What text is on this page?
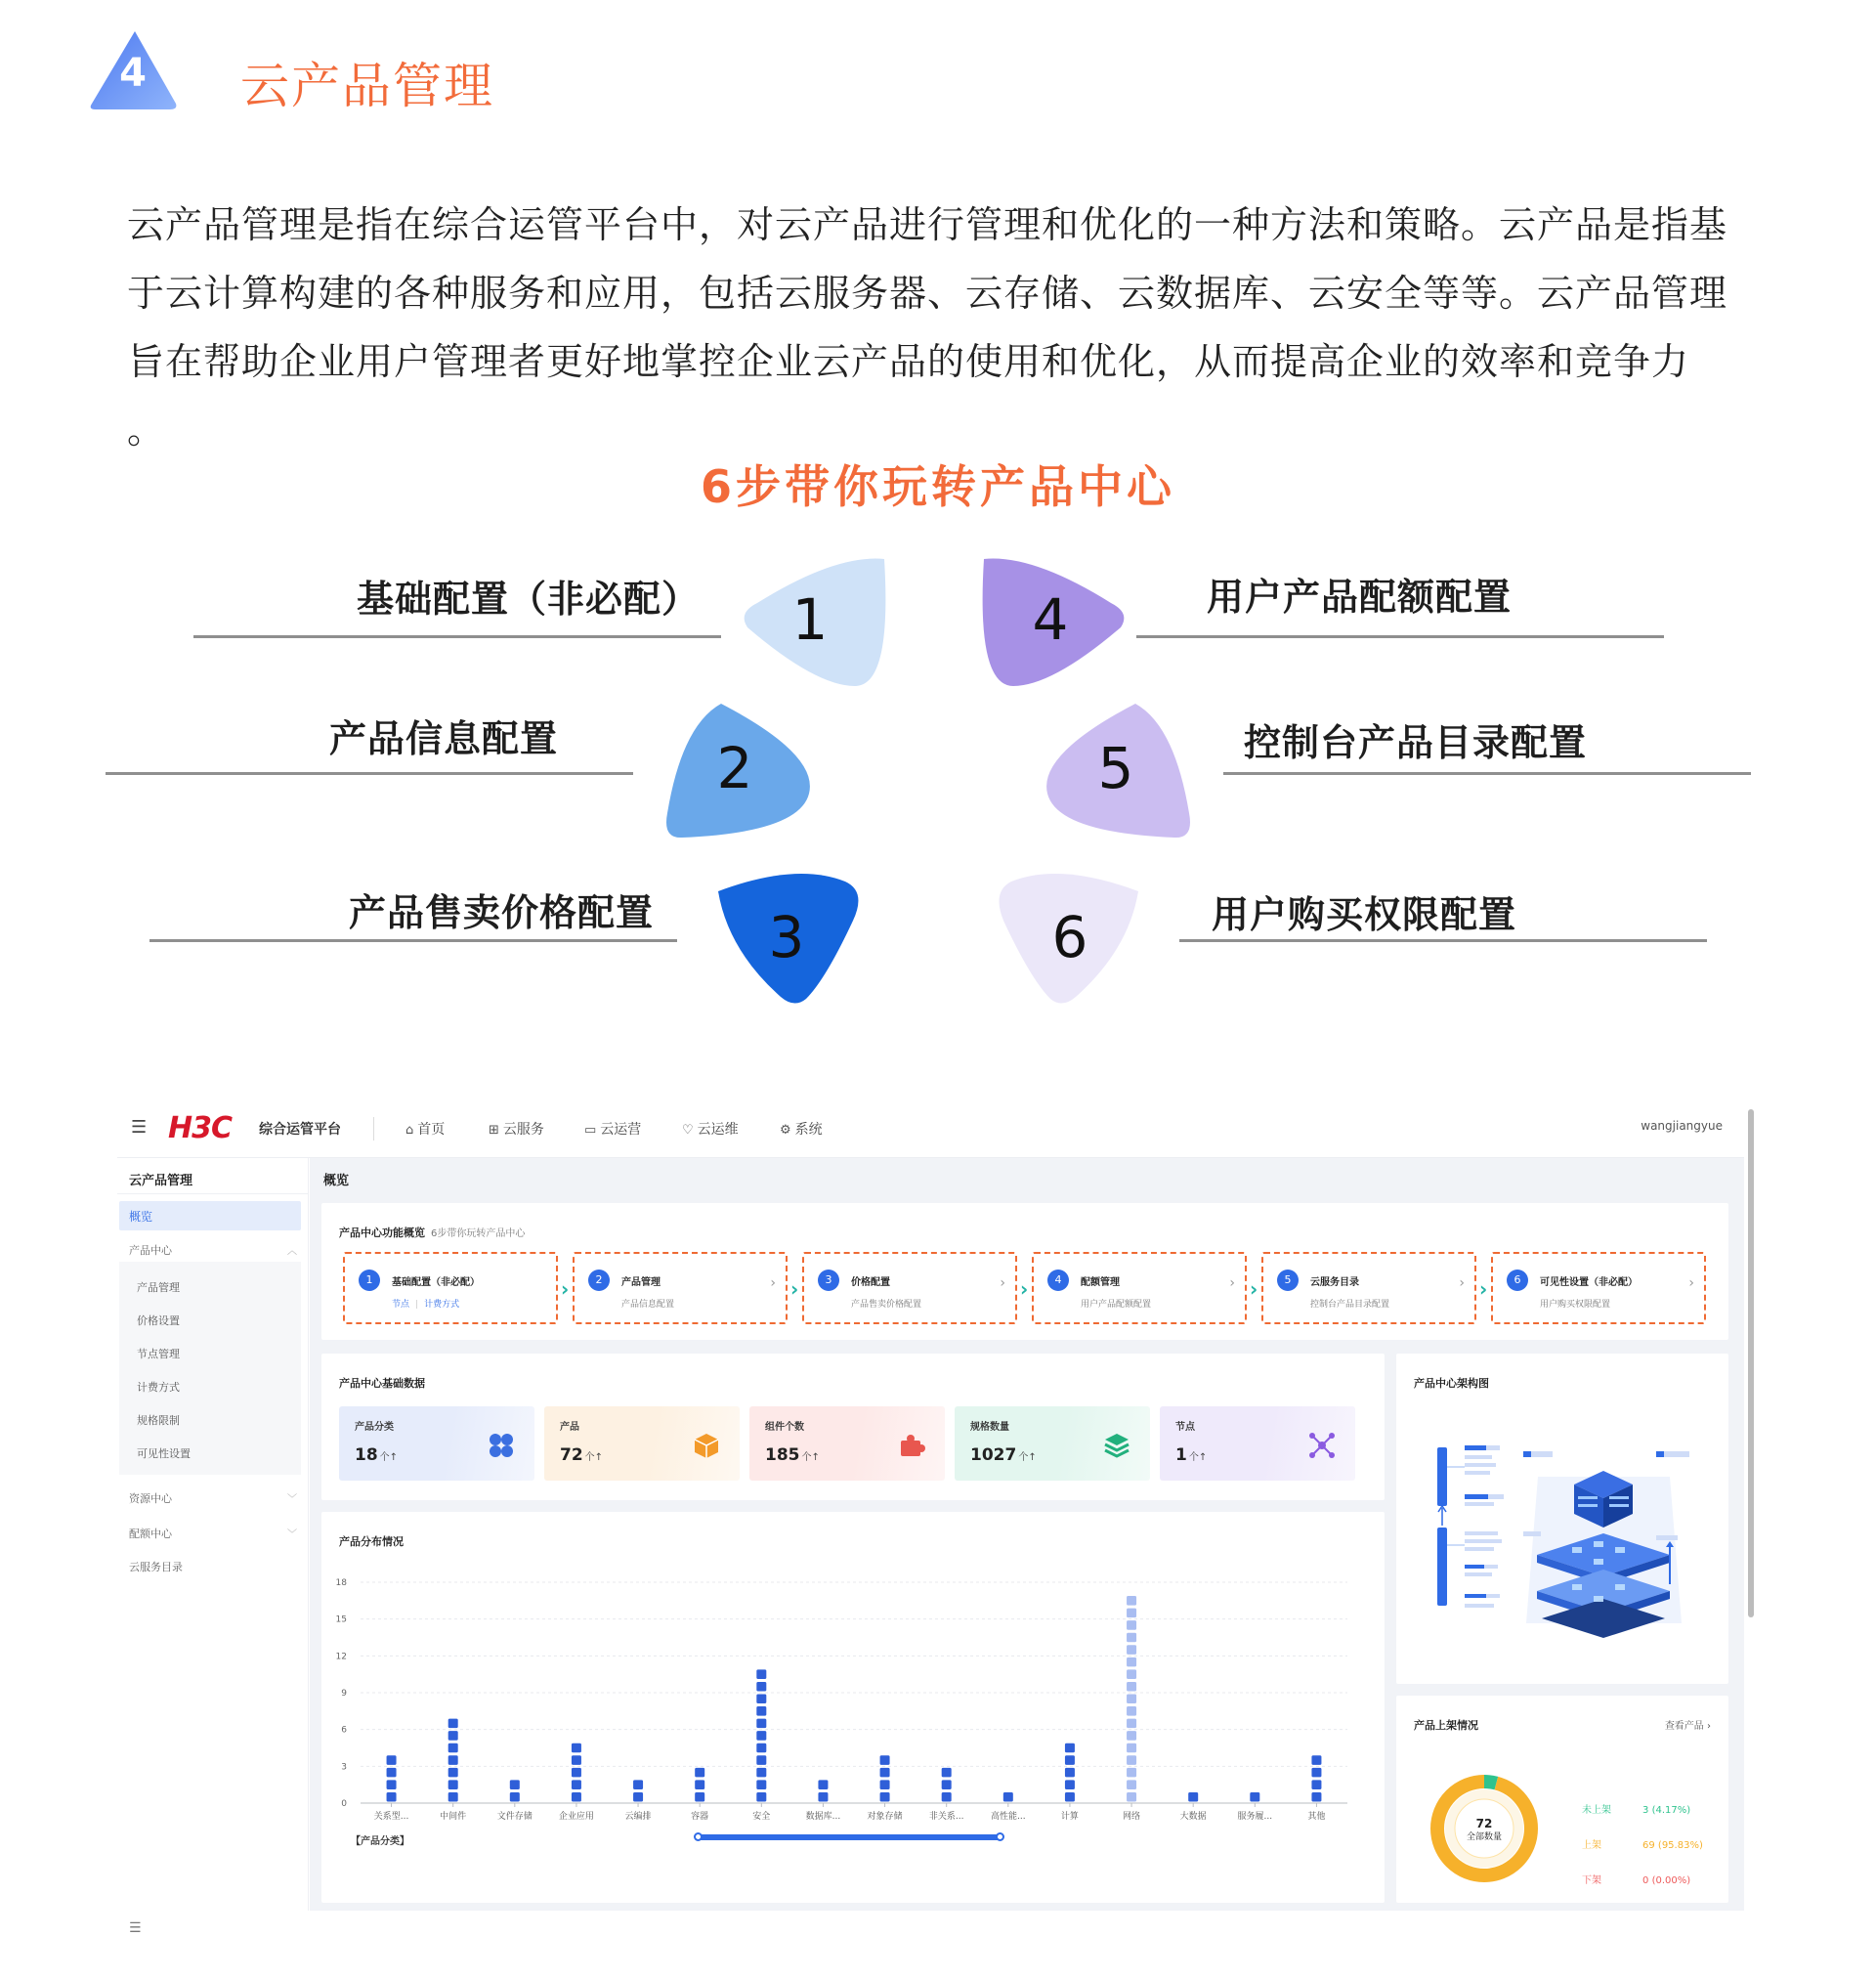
4	云产品管理
云产品管理是指在综合运管平台中，对云产品进行管理和优化的一种方法和策略。云产品是指基于云计算构建的各种服务和应用，包括云服务器、云存储、云数据库、云安全等等。云产品管理旨在帮助企业用户管理者更好地掌控企业云产品的使用和优化，从而提高企业的效率和竞争力 。
6步带你玩转产品中心
1
2
3
4
5
6
基础配置（非必配）
产品信息配置
产品售卖价格配置
用户产品配额配置
控制台产品目录配置
用户购买权限配置
☰ H3C 综合运管平台	⌂ 首页	⊞ 云服务	▭ 云运营	♡ 云运维	⚙ 系统	wangjiangyue
云产品管理
概览
产品中心	︿
产品管理
价格设置
节点管理
计费方式
规格限制
可见性设置
资源中心	﹀
配额中心	﹀
云服务目录
☰
概览
产品中心功能概览 6步带你玩转产品中心
1	基础配置（非必配）
节点 | 计费方式
›	2	产品管理
产品信息配置
› ›	3	价格配置
产品售卖价格配置
› ›	4	配额管理
用户产品配额配置
› ›	5	云服务目录
控制台产品目录配置
› ›	6	可见性设置（非必配）
用户购买权限配置
›
产品中心基础数据
产品分类
18 个↑
产品
72 个↑
组件个数
185 个↑
规格数量
1027 个↑
节点
1 个↑
产品中心架构图
产品分布情况
0
3
6
9
12
15
18
关系型...	中间件	文件存储	企业应用	云编排	容器	安全	数据库...	对象存储	非关系...	高性能...	计算	网络	大数据	服务履...	其他
【产品分类】
产品上架情况	查看产品 ›
72
全部数量
未上架	3 (4.17%)
上架	69 (95.83%)
下架	0 (0.00%)
